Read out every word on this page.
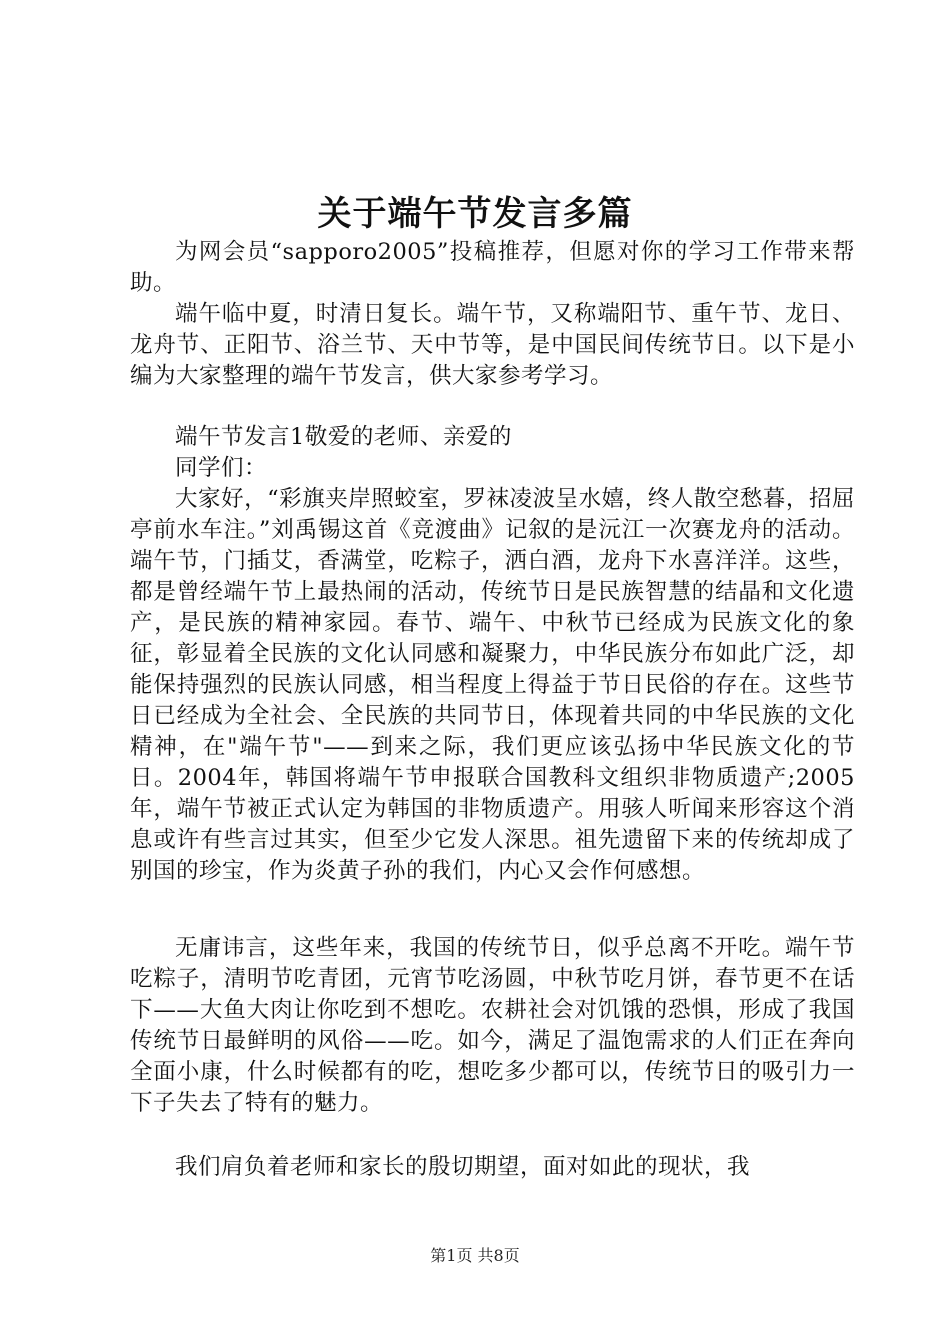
关于端午节发言多篇

为网会员“sapporo2005”投稿推荐，但愿对你的学习工作带来帮助。

端午临中夏，时清日复长。端午节，又称端阳节、重午节、龙日、龙舟节、正阳节、浴兰节、天中节等，是中国民间传统节日。以下是小编为大家整理的端午节发言，供大家参考学习。

端午节发言1敬爱的老师、亲爱的

同学们：

大家好，“彩旗夹岸照蛟室，罗袜凌波呈水嬉，终人散空愁暮，招屈亭前水车注。”刘禹锡这首《竞渡曲》记叙的是沅江一次赛龙舟的活动。端午节，门插艾，香满堂，吃粽子，洒白酒，龙舟下水喜洋洋。这些，都是曾经端午节上最热闹的活动，传统节日是民族智慧的结晶和文化遗产，是民族的精神家园。春节、端午、中秋节已经成为民族文化的象征，彰显着全民族的文化认同感和凝聚力，中华民族分布如此广泛，却能保持强烈的民族认同感，相当程度上得益于节日民俗的存在。这些节日已经成为全社会、全民族的共同节日，体现着共同的中华民族的文化精神，在"端午节"——到来之际，我们更应该弘扬中华民族文化的节日。2004年，韩国将端午节申报联合国教科文组织非物质遗产;2005年，端午节被正式认定为韩国的非物质遗产。用骇人听闻来形容这个消息或许有些言过其实，但至少它发人深思。祖先遗留下来的传统却成了别国的珍宝，作为炎黄子孙的我们，内心又会作何感想。

无庸讳言，这些年来，我国的传统节日，似乎总离不开吃。端午节吃粽子，清明节吃青团，元宵节吃汤圆，中秋节吃月饼，春节更不在话下——大鱼大肉让你吃到不想吃。农耕社会对饥饿的恐惧，形成了我国传统节日最鲜明的风俗——吃。如今，满足了温饱需求的人们正在奔向全面小康，什么时候都有的吃，想吃多少都可以，传统节日的吸引力一下子失去了特有的魅力。

我们肩负着老师和家长的殷切期望，面对如此的现状，我

第1页 共8页
